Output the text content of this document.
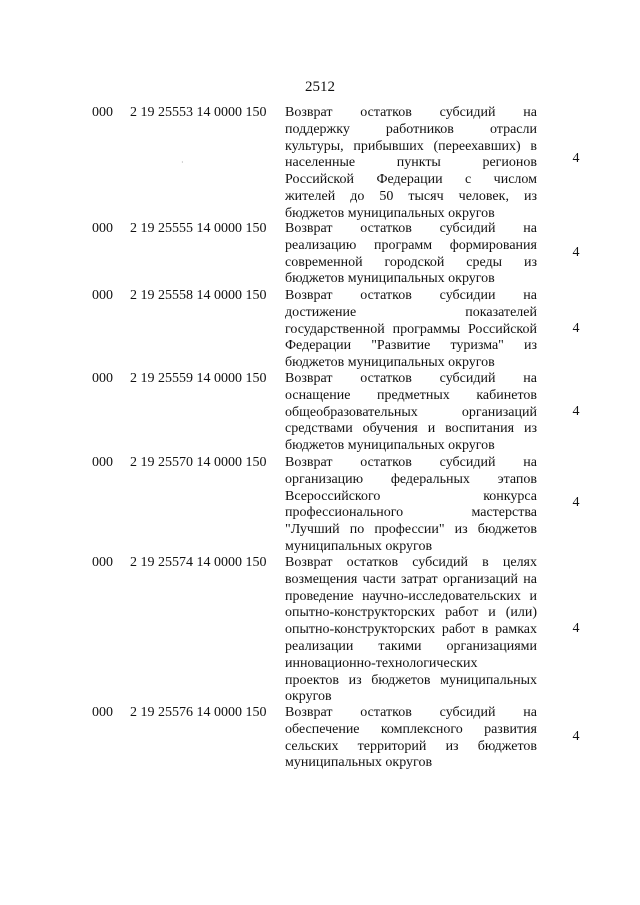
2512
·
000 2 19 25553 14 0000 150 Возврат остатков субсидий на
поддержку работников отрасли
культуры, прибывших (переехавших) в
населенные пункты регионов
Российской Федерации с числом
жителей до 50 тысяч человек, из
бюджетов муниципальных округов
4
000 2 19 25555 14 0000 150 Возврат остатков субсидий на
реализацию программ формирования
современной городской среды из
бюджетов муниципальных округов
4
000 2 19 25558 14 0000 150 Возврат остатков субсидии на
достижение показателей
государственной программы Российской
Федерации "Развитие туризма" из
бюджетов муниципальных округов
4
000 2 19 25559 14 0000 150 Возврат остатков субсидий на
оснащение предметных кабинетов
общеобразовательных организаций
средствами обучения и воспитания из
бюджетов муниципальных округов
4
000 2 19 25570 14 0000 150 Возврат остатков субсидий на
организацию федеральных этапов
Всероссийского конкурса
профессионального мастерства
"Лучший по профессии" из бюджетов
муниципальных округов
4
000 2 19 25574 14 0000 150 Возврат остатков субсидий в целях
возмещения части затрат организаций на
проведение научно-исследовательских и
опытно-конструкторских работ и (или)
опытно-конструкторских работ в рамках
реализации такими организациями
инновационно-технологических
проектов из бюджетов муниципальных
округов
4
000 2 19 25576 14 0000 150 Возврат остатков субсидий на
обеспечение комплексного развития
сельских территорий из бюджетов
муниципальных округов
4
